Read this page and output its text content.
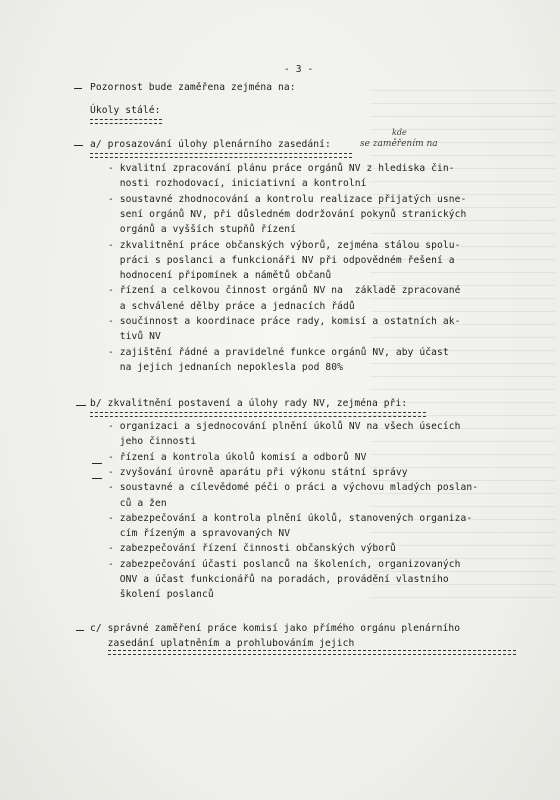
- 3 -
Pozornost bude zaměřena zejména na:
Úkoly stálé:
a/ prosazování úlohy plenárního zasedání:
kde
se zaměřením na
- kvalitní zpracování plánu práce orgánů NV z hlediska čin-
nosti rozhodovací, iniciativní a kontrolní
- soustavné zhodnocování a kontrolu realizace přijatých usne-
sení orgánů NV, při důsledném dodržování pokynů stranických
orgánů a vyšších stupňů řízení
- zkvalitnění práce občanských výborů, zejména stálou spolu-
práci s poslanci a funkcionáři NV při odpovědném řešení a
hodnocení připomínek a námětů občanů
- řízení a celkovou činnost orgánů NV na  základě zpracované
a schválené dělby práce a jednacích řádů
- součinnost a koordinace práce rady, komisí a ostatních ak-
tivů NV
- zajištění řádné a pravidelné funkce orgánů NV, aby účast
na jejich jednaních nepoklesla pod 80%
b/ zkvalitnění postavení a úlohy rady NV, zejména při:
- organizaci a sjednocování plnění úkolů NV na všech úsecích
jeho činnosti
- řízení a kontrola úkolů komisí a odborů NV
- zvyšování úrovně aparátu při výkonu státní správy
- soustavné a cílevědomé péči o práci a výchovu mladých poslan-
ců a žen
- zabezpečování a kontrola plnění úkolů, stanovených organiza-
cím řízeným a spravovaných NV
- zabezpečování řízení činnosti občanských výborů
- zabezpečování účasti poslanců na školeních, organizovaných
ONV a účast funkcionářů na poradách, provádění vlastního
školení poslanců
c/ správné zaměření práce komisí jako přímého orgánu plenárního
zasedání uplatněním a prohlubováním jejich
